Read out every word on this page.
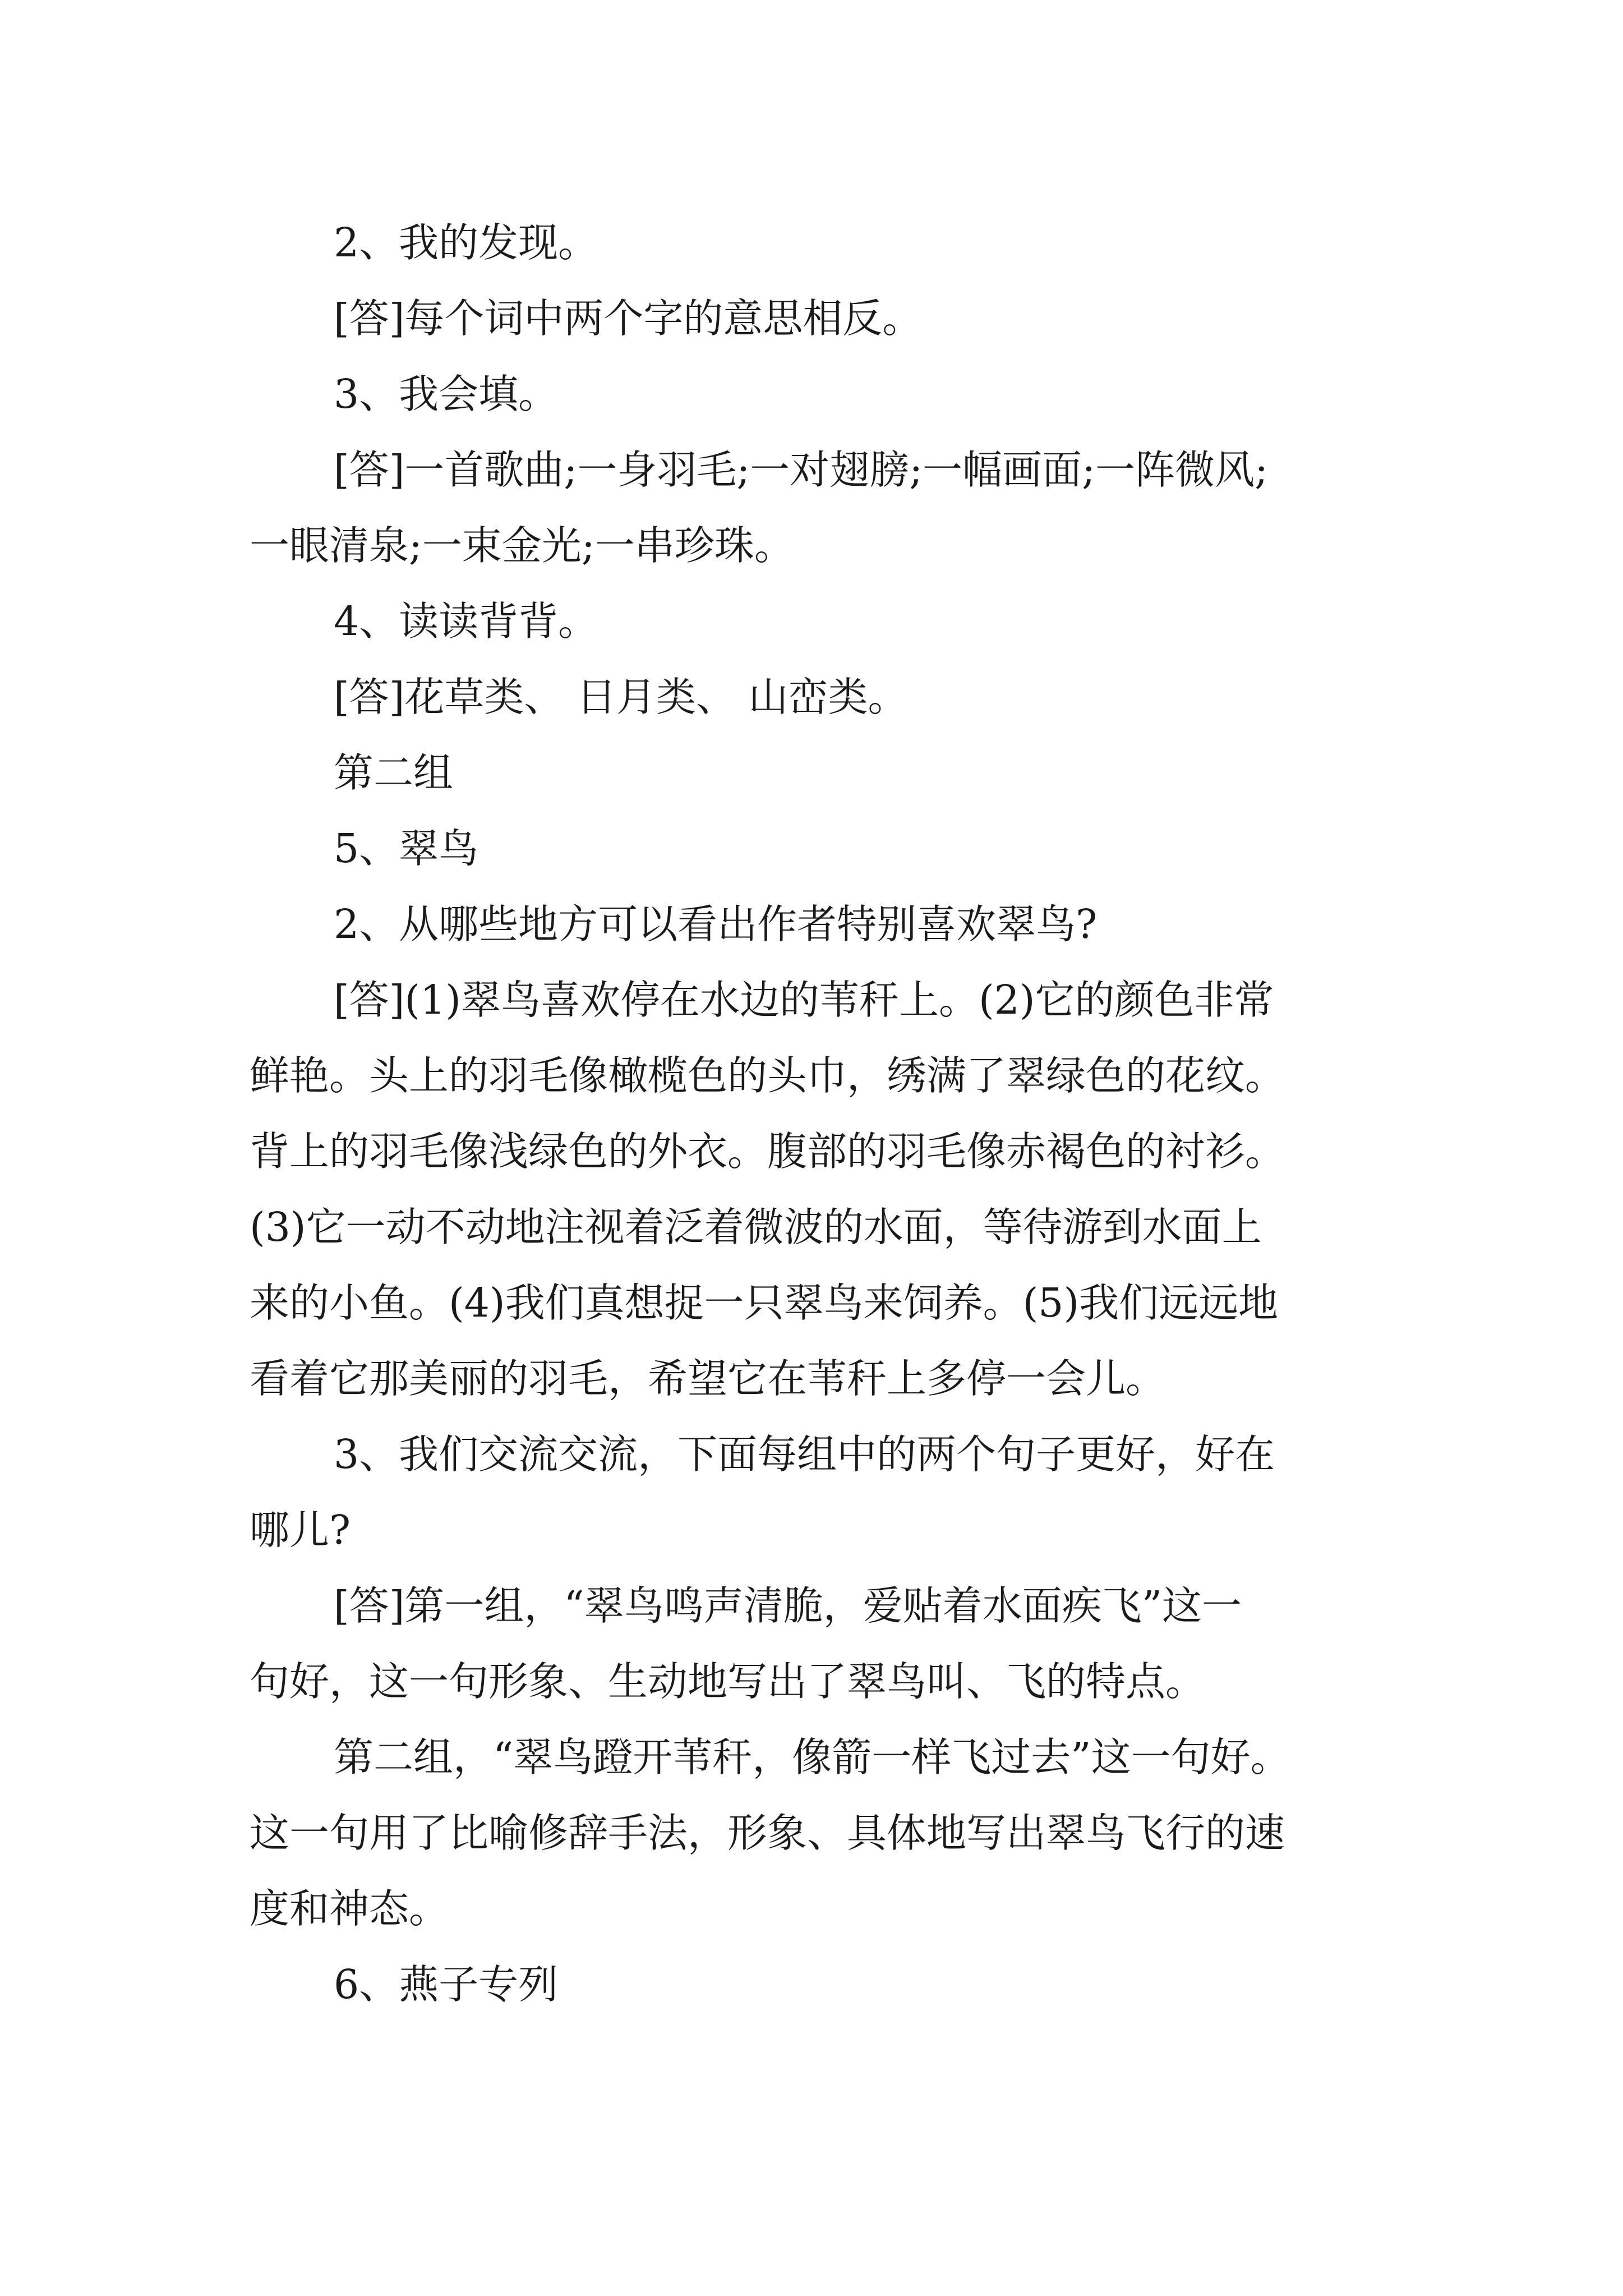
2、我的发现。
[答]每个词中两个字的意思相反。
3、我会填。
[答]一首歌曲;一身羽毛;一对翅膀;一幅画面;一阵微风;
一眼清泉;一束金光;一串珍珠。
4、读读背背。
[答]花草类、 日月类、 山峦类。
第二组
5、翠鸟
2、从哪些地方可以看出作者特别喜欢翠鸟?
[答](1)翠鸟喜欢停在水边的苇秆上。(2)它的颜色非常
鲜艳。头上的羽毛像橄榄色的头巾，绣满了翠绿色的花纹。
背上的羽毛像浅绿色的外衣。腹部的羽毛像赤褐色的衬衫。
(3)它一动不动地注视着泛着微波的水面，等待游到水面上
来的小鱼。(4)我们真想捉一只翠鸟来饲养。(5)我们远远地
看着它那美丽的羽毛，希望它在苇秆上多停一会儿。
3、我们交流交流，下面每组中的两个句子更好，好在
哪儿?
[答]第一组，“翠鸟鸣声清脆，爱贴着水面疾飞”这一
句好，这一句形象、生动地写出了翠鸟叫、飞的特点。
第二组，“翠鸟蹬开苇秆，像箭一样飞过去”这一句好。
这一句用了比喻修辞手法，形象、具体地写出翠鸟飞行的速
度和神态。
6、燕子专列
